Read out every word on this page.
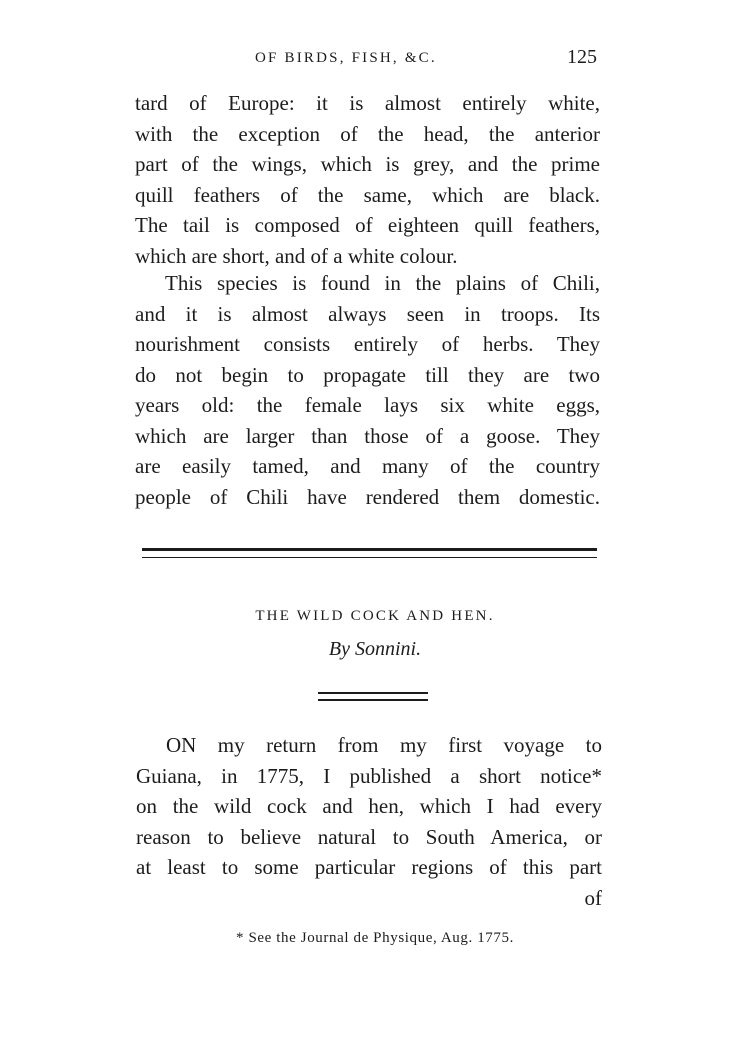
OF BIRDS, FISH, &C.	125
tard of Europe: it is almost entirely white,
with the exception of the head, the anterior
part of the wings, which is grey, and the prime
quill feathers of the same, which are black.
The tail is composed of eighteen quill feathers,
which are short, and of a white colour.
This species is found in the plains of Chili,
and it is almost always seen in troops. Its
nourishment consists entirely of herbs. They
do not begin to propagate till they are two
years old: the female lays six white eggs,
which are larger than those of a goose. They
are easily tamed, and many of the country
people of Chili have rendered them domestic.
THE WILD COCK AND HEN.
By Sonnini.
ON my return from my first voyage to
Guiana, in 1775, I published a short notice*
on the wild cock and hen, which I had every
reason to believe natural to South America, or
at least to some particular regions of this part
of
* See the Journal de Physique, Aug. 1775.
